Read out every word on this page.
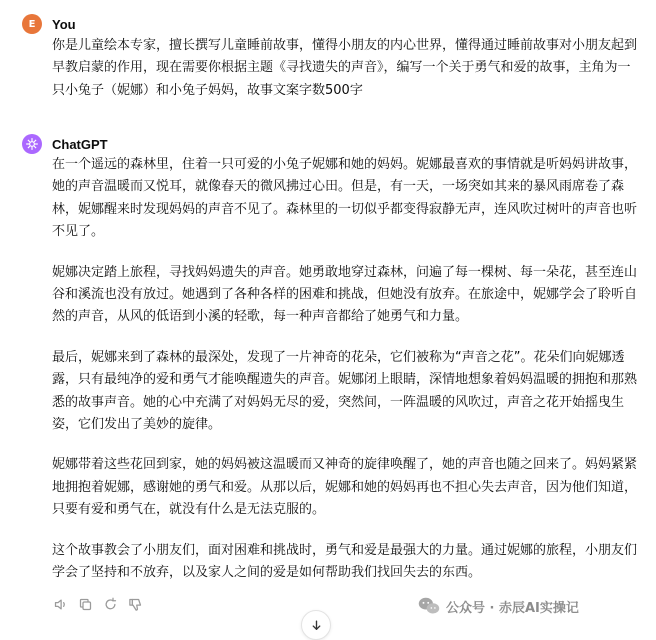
E You
你是儿童绘本专家，擅长撰写儿童睡前故事，懂得小朋友的内心世界，懂得通过睡前故事对小朋友起到早教启蒙的作用，现在需要你根据主题《寻找遗失的声音》，编写一个关于勇气和爱的故事，主角为一只小兔子（妮娜）和小兔子妈妈，故事文案字数500字
ChatGPT

在一个遥远的森林里，住着一只可爱的小兔子妮娜和她的妈妈。妮娜最喜欢的事情就是听妈妈讲故事，她的声音温暖而又悦耳，就像春天的微风拂过心田。但是，有一天，一场突如其来的暴风雨席卷了森林，妮娜醒来时发现妈妈的声音不见了。森林里的一切似乎都变得寂静无声，连风吹过树叶的声音也听不见了。

妮娜决定踏上旅程，寻找妈妈遗失的声音。她勇敢地穿过森林，问遍了每一棵树、每一朵花，甚至连山谷和溪流也没有放过。她遇到了各种各样的困难和挑战，但她没有放弃。在旅途中，妮娜学会了聆听自然的声音，从风的低语到小溪的轻歌，每一种声音都给了她勇气和力量。

最后，妮娜来到了森林的最深处，发现了一片神奇的花朵，它们被称为“声音之花”。花朵们向妮娜透露，只有最纯净的爱和勇气才能唤醒遗失的声音。妮娜闭上眼睛，深情地想象着妈妈温暖的拥抱和那熟悉的故事声音。她的心中充满了对妈妈无尽的爱，突然间，一阵温暖的风吹过，声音之花开始摇曳生姿，它们发出了美妙的旋律。

妮娜带着这些花回到家，她的妈妈被这温暖而又神奇的旋律唤醒了，她的声音也随之回来了。妈妈紧紧地拥抱着妮娜，感谢她的勇气和爱。从那以后，妮娜和她的妈妈再也不担心失去声音，因为他们知道，只要有爱和勇气在，就没有什么是无法克服的。

这个故事教会了小朋友们，面对困难和挑战时，勇气和爱是最强大的力量。通过妮娜的旅程，小朋友们学会了坚持和不放弃，以及家人之间的爱是如何帮助我们找回失去的东西。

公众号 · 赤辰AI实操记
